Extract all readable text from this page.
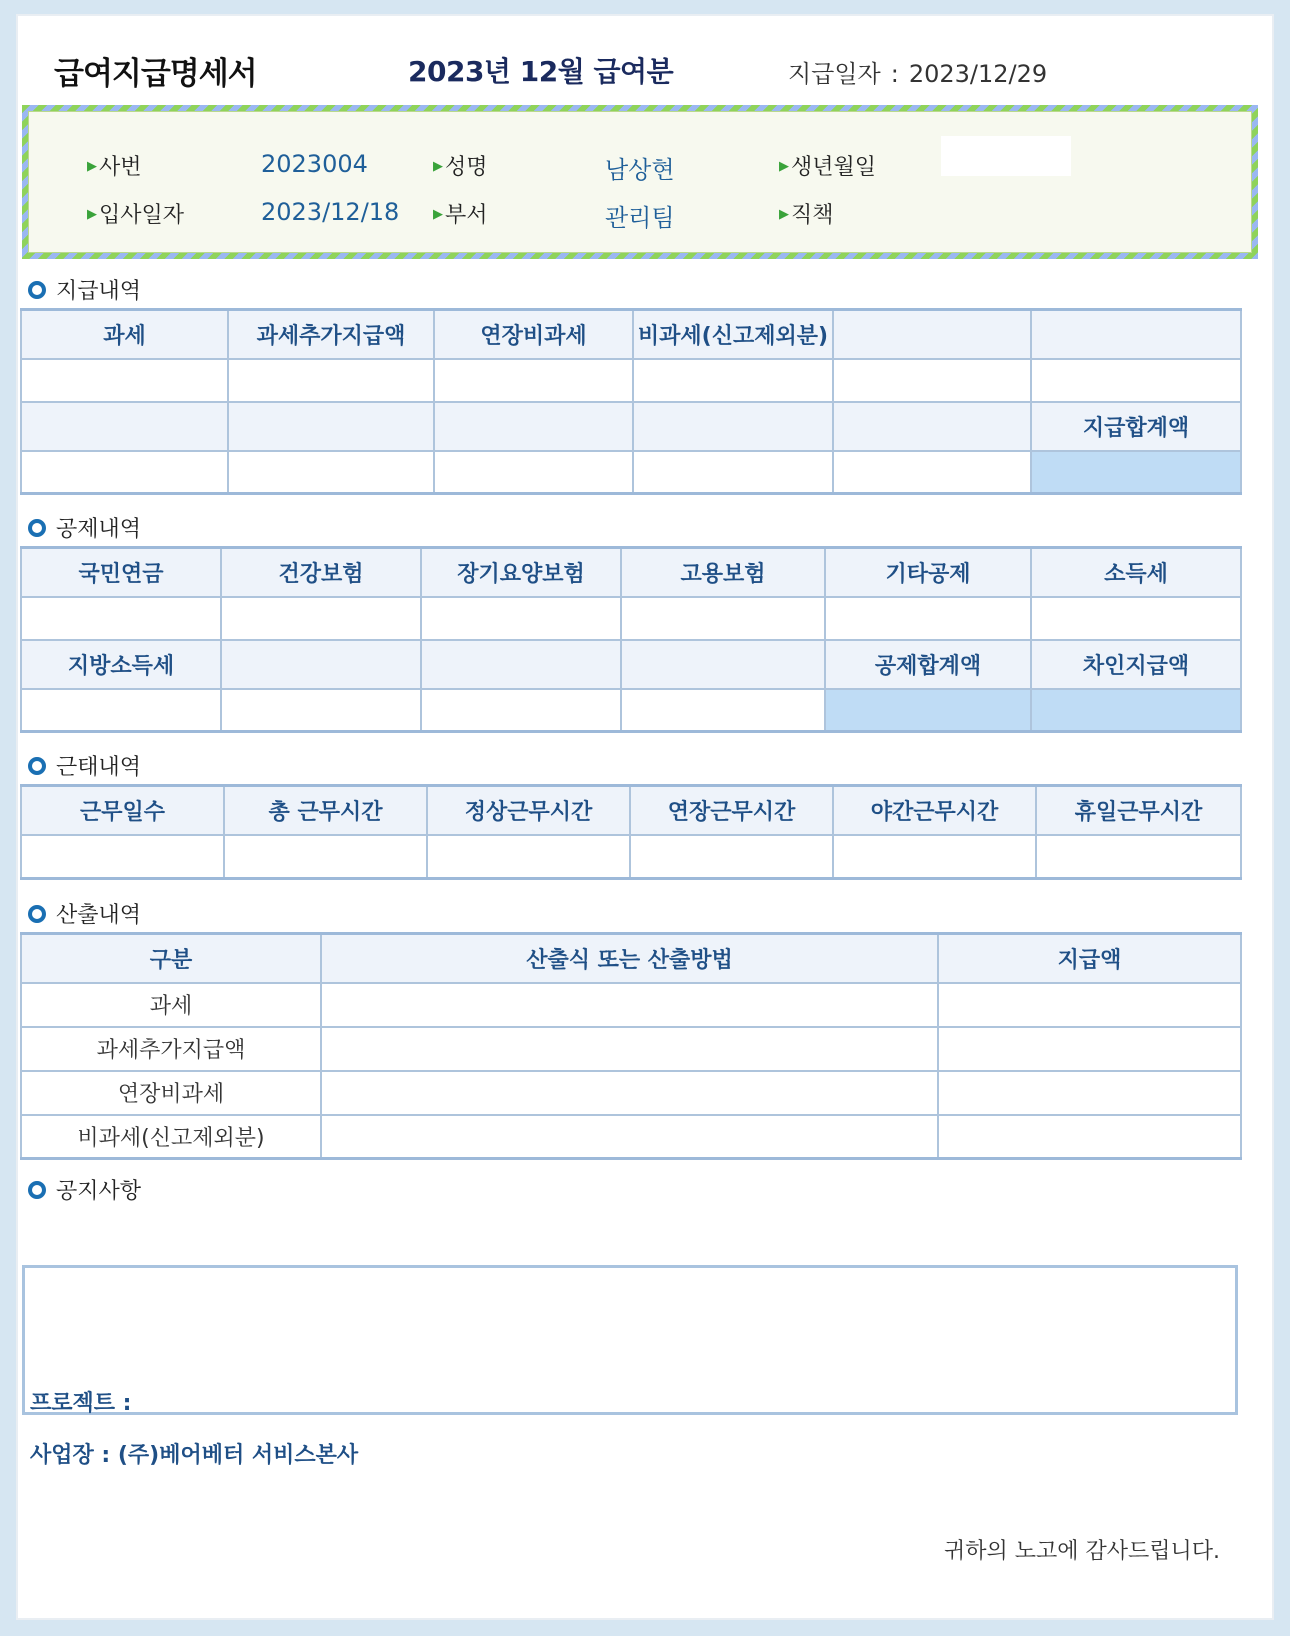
급여지급명세서	2023년 12월 급여분	지급일자 : 2023/12/29
▶사번	2023004	▶성명	남상현	▶생년월일
▶입사일자	2023/12/18	▶부서	관리팀	▶직책
지급내역
과세	과세추가지급액	연장비과세	비과세(신고제외분)		

					지급합계액

공제내역
국민연금	건강보험	장기요양보험	고용보험	기타공제	소득세

지방소득세				공제합계액	차인지급액

근태내역
근무일수	총 근무시간	정상근무시간	연장근무시간	야간근무시간	휴일근무시간

산출내역
구분	산출식 또는 산출방법	지급액
과세		
과세추가지급액		
연장비과세		
비과세(신고제외분)		
공지사항
프로젝트 :
사업장 : (주)베어베터 서비스본사
귀하의 노고에 감사드립니다.
